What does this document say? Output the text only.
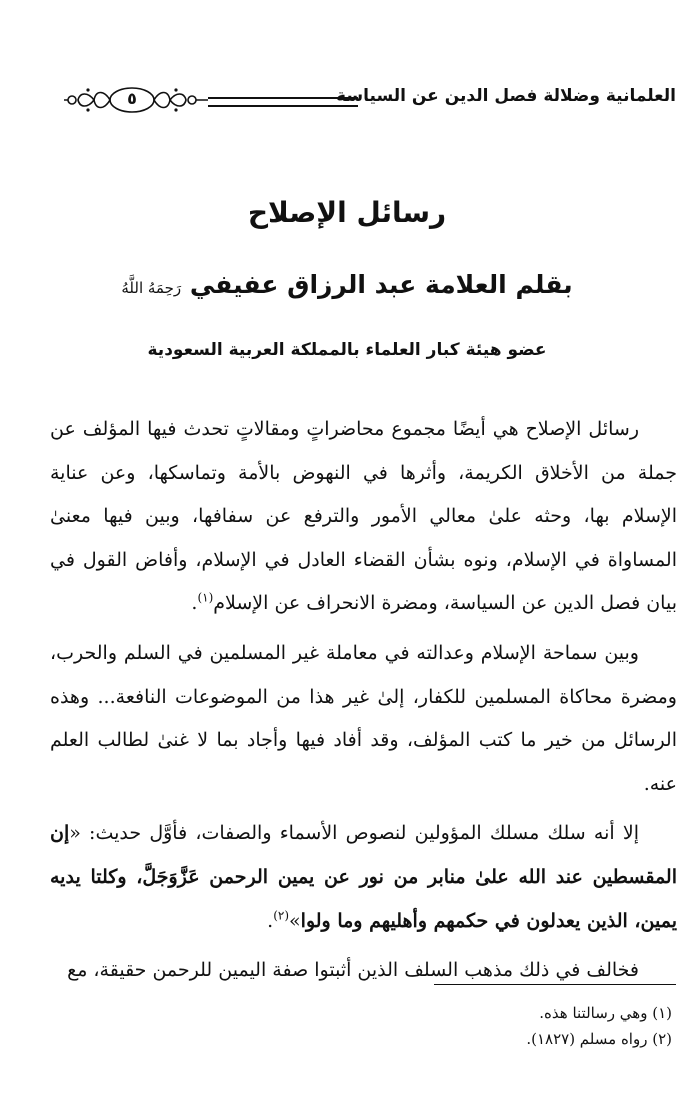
العلمانية وضلالة فصل الدين عن السياسة
٥
رسائل الإصلاح
بقلم العلامة عبد الرزاق عفيفي رَحِمَهُ اللَّهُ
عضو هيئة كبار العلماء بالمملكة العربية السعودية

رسائل الإصلاح هي أيضًا مجموع محاضراتٍ ومقالاتٍ تحدث فيها المؤلف عن جملة من الأخلاق الكريمة، وأثرها في النهوض بالأمة وتماسكها، وعن عناية الإسلام بها، وحثه علىٰ معالي الأمور والترفع عن سفافها، وبين فيها معنىٰ المساواة في الإسلام، ونوه بشأن القضاء العادل في الإسلام، وأفاض القول في بيان فصل الدين عن السياسة، ومضرة الانحراف عن الإسلام$^{(١)}$.

وبين سماحة الإسلام وعدالته في معاملة غير المسلمين في السلم والحرب، ومضرة محاكاة المسلمين للكفار، إلىٰ غير هذا من الموضوعات النافعة... وهذه الرسائل من خير ما كتب المؤلف، وقد أفاد فيها وأجاد بما لا غنىٰ لطالب العلم عنه.

إلا أنه سلك مسلك المؤولين لنصوص الأسماء والصفات، فأوَّل حديث: «إن المقسطين عند الله علىٰ منابر من نور عن يمين الرحمن عَزَّوَجَلَّ، وكلتا يديه يمين، الذين يعدلون في حكمهم وأهليهم وما ولوا»$^{(٢)}$.

فخالف في ذلك مذهب السلف الذين أثبتوا صفة اليمين للرحمن حقيقة، مع

(١) وهي رسالتنا هذه.
(٢) رواه مسلم (١٨٢٧).
